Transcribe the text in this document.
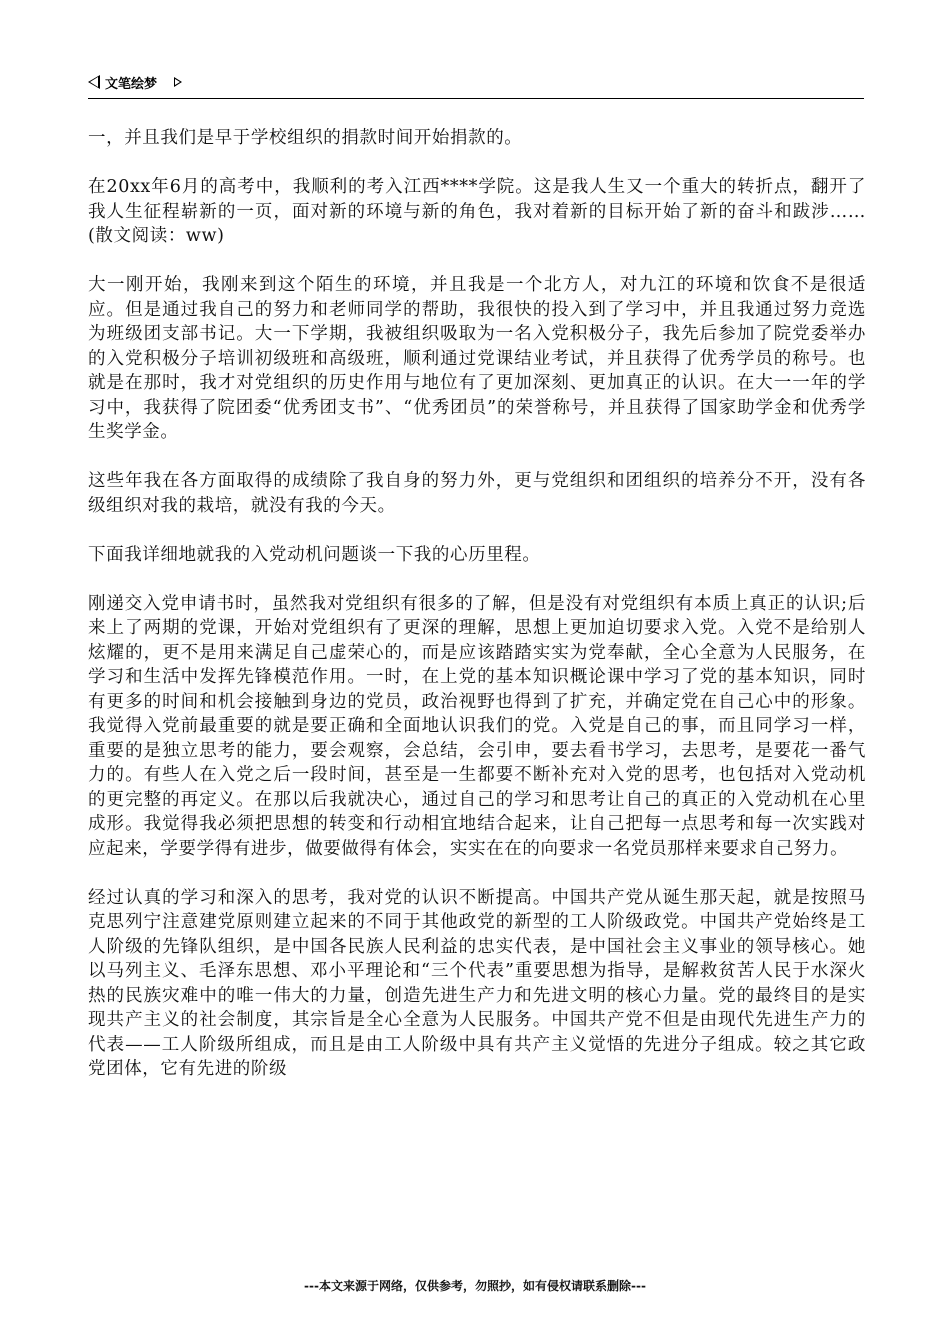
文笔绘梦

一，并且我们是早于学校组织的捐款时间开始捐款的。

在20xx年6月的高考中，我顺利的考入江西****学院。这是我人生又一个重大的转折点，翻开了我人生征程崭新的一页，面对新的环境与新的角色，我对着新的目标开始了新的奋斗和跋涉……(散文阅读：ww)

大一刚开始，我刚来到这个陌生的环境，并且我是一个北方人，对九江的环境和饮食不是很适应。但是通过我自己的努力和老师同学的帮助，我很快的投入到了学习中，并且我通过努力竞选为班级团支部书记。大一下学期，我被组织吸取为一名入党积极分子，我先后参加了院党委举办的入党积极分子培训初级班和高级班，顺利通过党课结业考试，并且获得了优秀学员的称号。也就是在那时，我才对党组织的历史作用与地位有了更加深刻、更加真正的认识。在大一一年的学习中，我获得了院团委“优秀团支书”、“优秀团员”的荣誉称号，并且获得了国家助学金和优秀学生奖学金。

这些年我在各方面取得的成绩除了我自身的努力外，更与党组织和团组织的培养分不开，没有各级组织对我的栽培，就没有我的今天。

下面我详细地就我的入党动机问题谈一下我的心历里程。

刚递交入党申请书时，虽然我对党组织有很多的了解，但是没有对党组织有本质上真正的认识;后来上了两期的党课，开始对党组织有了更深的理解，思想上更加迫切要求入党。入党不是给别人炫耀的，更不是用来满足自己虚荣心的，而是应该踏踏实实为党奉献，全心全意为人民服务，在学习和生活中发挥先锋模范作用。一时，在上党的基本知识概论课中学习了党的基本知识，同时有更多的时间和机会接触到身边的党员，政治视野也得到了扩充，并确定党在自己心中的形象。我觉得入党前最重要的就是要正确和全面地认识我们的党。入党是自己的事，而且同学习一样，重要的是独立思考的能力，要会观察，会总结，会引申，要去看书学习，去思考，是要花一番气力的。有些人在入党之后一段时间，甚至是一生都要不断补充对入党的思考，也包括对入党动机的更完整的再定义。在那以后我就决心，通过自己的学习和思考让自己的真正的入党动机在心里成形。我觉得我必须把思想的转变和行动相宜地结合起来，让自己把每一点思考和每一次实践对应起来，学要学得有进步，做要做得有体会，实实在在的向要求一名党员那样来要求自己努力。

经过认真的学习和深入的思考，我对党的认识不断提高。中国共产党从诞生那天起，就是按照马克思列宁注意建党原则建立起来的不同于其他政党的新型的工人阶级政党。中国共产党始终是工人阶级的先锋队组织，是中国各民族人民利益的忠实代表，是中国社会主义事业的领导核心。她以马列主义、毛泽东思想、邓小平理论和“三个代表”重要思想为指导，是解救贫苦人民于水深火热的民族灾难中的唯一伟大的力量，创造先进生产力和先进文明的核心力量。党的最终目的是实现共产主义的社会制度，其宗旨是全心全意为人民服务。中国共产党不但是由现代先进生产力的代表——工人阶级所组成，而且是由工人阶级中具有共产主义觉悟的先进分子组成。较之其它政党团体，它有先进的阶级

---本文来源于网络，仅供参考，勿照抄，如有侵权请联系删除---
